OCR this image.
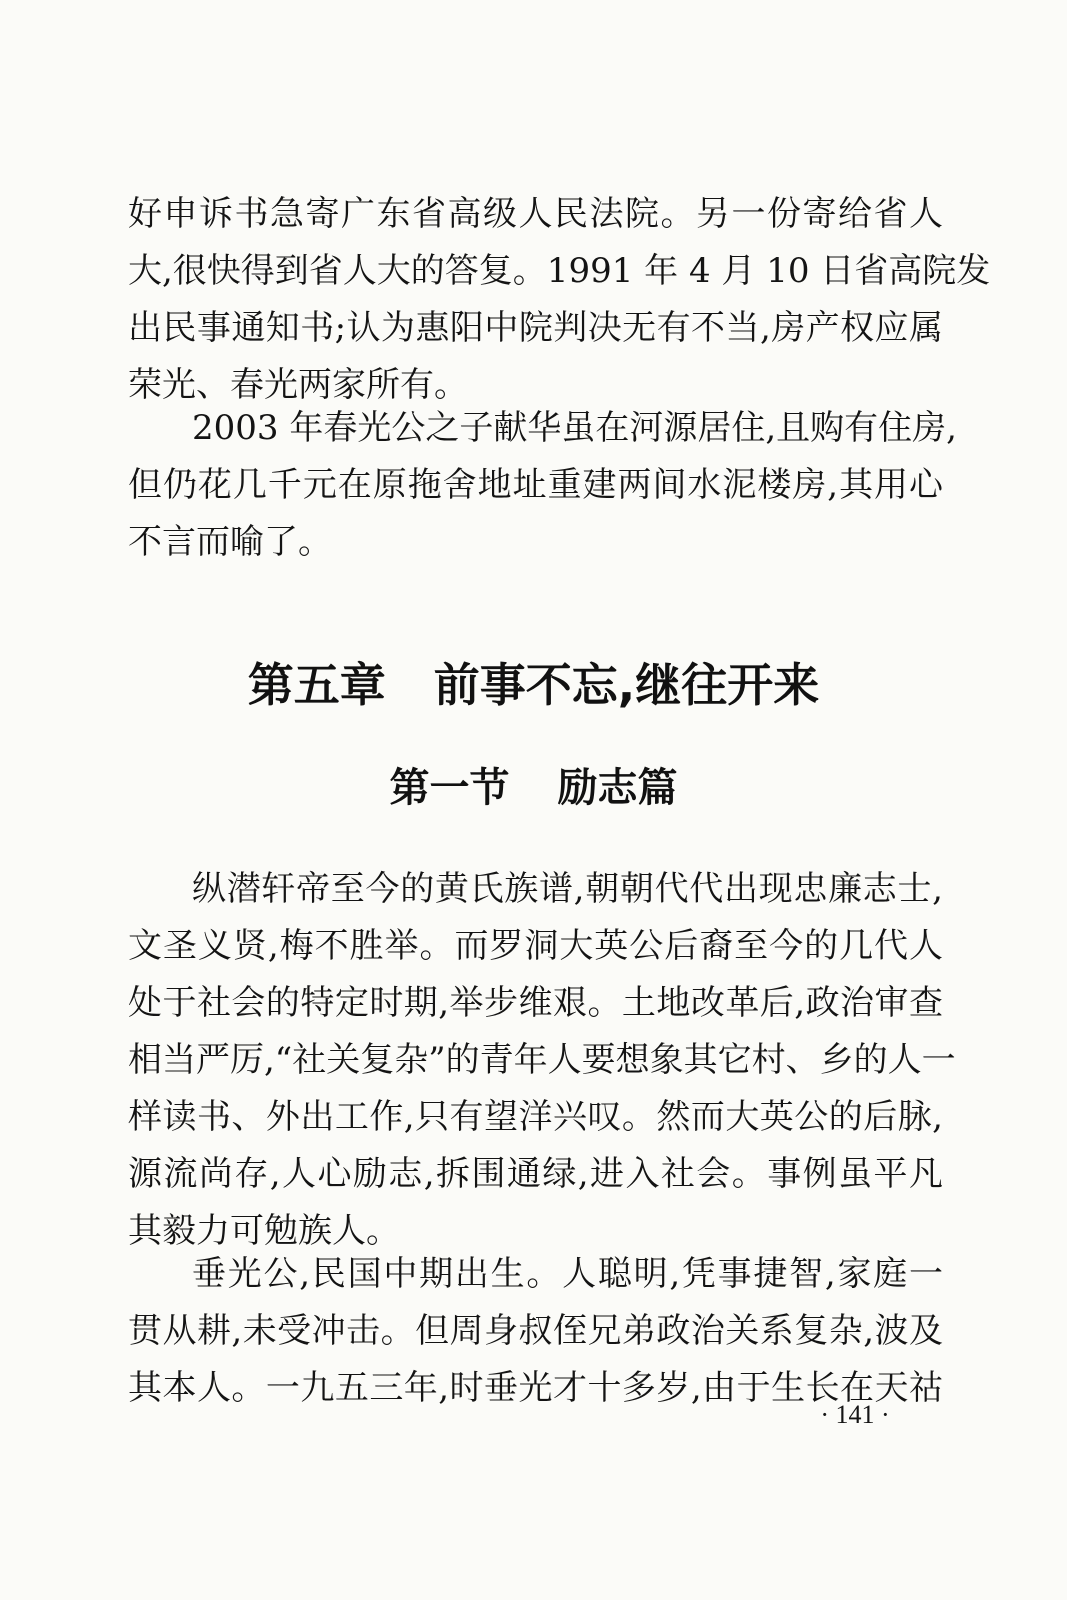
好申诉书急寄广东省高级人民法院。另一份寄给省人
大,很快得到省人大的答复。1991 年 4 月 10 日省高院发
出民事通知书;认为惠阳中院判决无有不当,房产权应属
荣光、春光两家所有。
2003 年春光公之子献华虽在河源居住,且购有住房,
但仍花几千元在原拖舍地址重建两间水泥楼房,其用心
不言而喻了。
第五章 前事不忘,继往开来
第一节 励志篇
纵潜轩帝至今的黄氏族谱,朝朝代代出现忠廉志士,
文圣义贤,梅不胜举。而罗洞大英公后裔至今的几代人
处于社会的特定时期,举步维艰。土地改革后,政治审查
相当严厉,“社关复杂”的青年人要想象其它村、乡的人一
样读书、外出工作,只有望洋兴叹。然而大英公的后脉,
源流尚存,人心励志,拆围通绿,进入社会。事例虽平凡
其毅力可勉族人。
垂光公,民国中期出生。人聪明,凭事捷智,家庭一
贯从耕,未受冲击。但周身叔侄兄弟政治关系复杂,波及
其本人。一九五三年,时垂光才十多岁,由于生长在天祜
· 141 ·
